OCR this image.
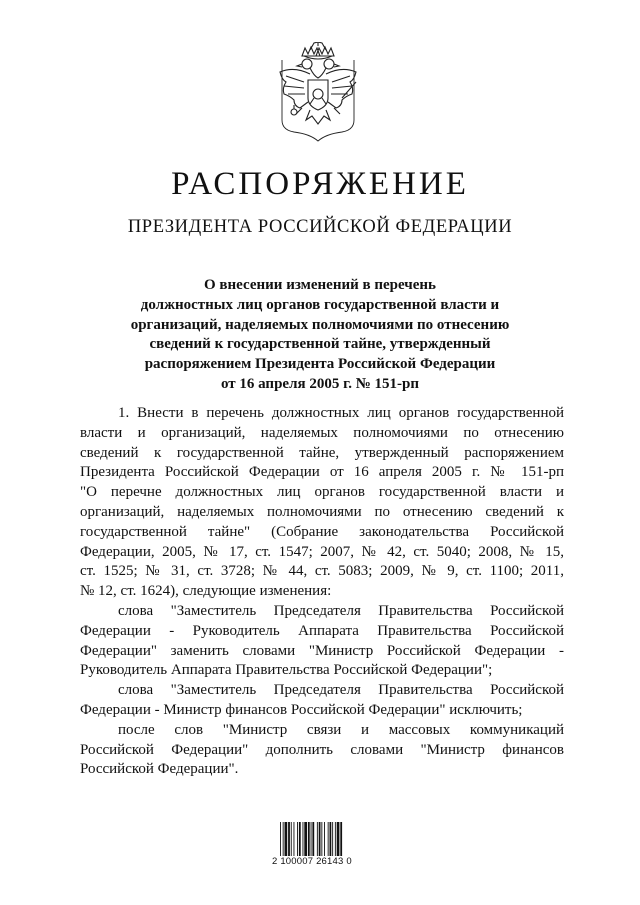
РАСПОРЯЖЕНИЕ
ПРЕЗИДЕНТА РОССИЙСКОЙ ФЕДЕРАЦИИ
О внесении изменений в перечень
должностных лиц органов государственной власти и
организаций, наделяемых полномочиями по отнесению
сведений к государственной тайне, утвержденный
распоряжением Президента Российской Федерации
от 16 апреля 2005 г. № 151-рп
1. Внести в перечень должностных лиц органов государственной
власти и организаций, наделяемых полномочиями по отнесению
сведений к государственной тайне, утвержденный распоряжением
Президента Российской Федерации от 16 апреля 2005 г. № 151-рп
"О перечне должностных лиц органов государственной власти и
организаций, наделяемых полномочиями по отнесению сведений к
государственной тайне" (Собрание законодательства Российской
Федерации, 2005, № 17, ст. 1547; 2007, № 42, ст. 5040; 2008, № 15,
ст. 1525; № 31, ст. 3728; № 44, ст. 5083; 2009, № 9, ст. 1100; 2011,
№ 12, ст. 1624), следующие изменения:
слова "Заместитель Председателя Правительства Российской
Федерации - Руководитель Аппарата Правительства Российской
Федерации" заменить словами "Министр Российской Федерации -
Руководитель Аппарата Правительства Российской Федерации";
слова "Заместитель Председателя Правительства Российской
Федерации - Министр финансов Российской Федерации" исключить;
после слов "Министр связи и массовых коммуникаций
Российской Федерации" дополнить словами "Министр финансов
Российской Федерации".
2 100007 26143 0
